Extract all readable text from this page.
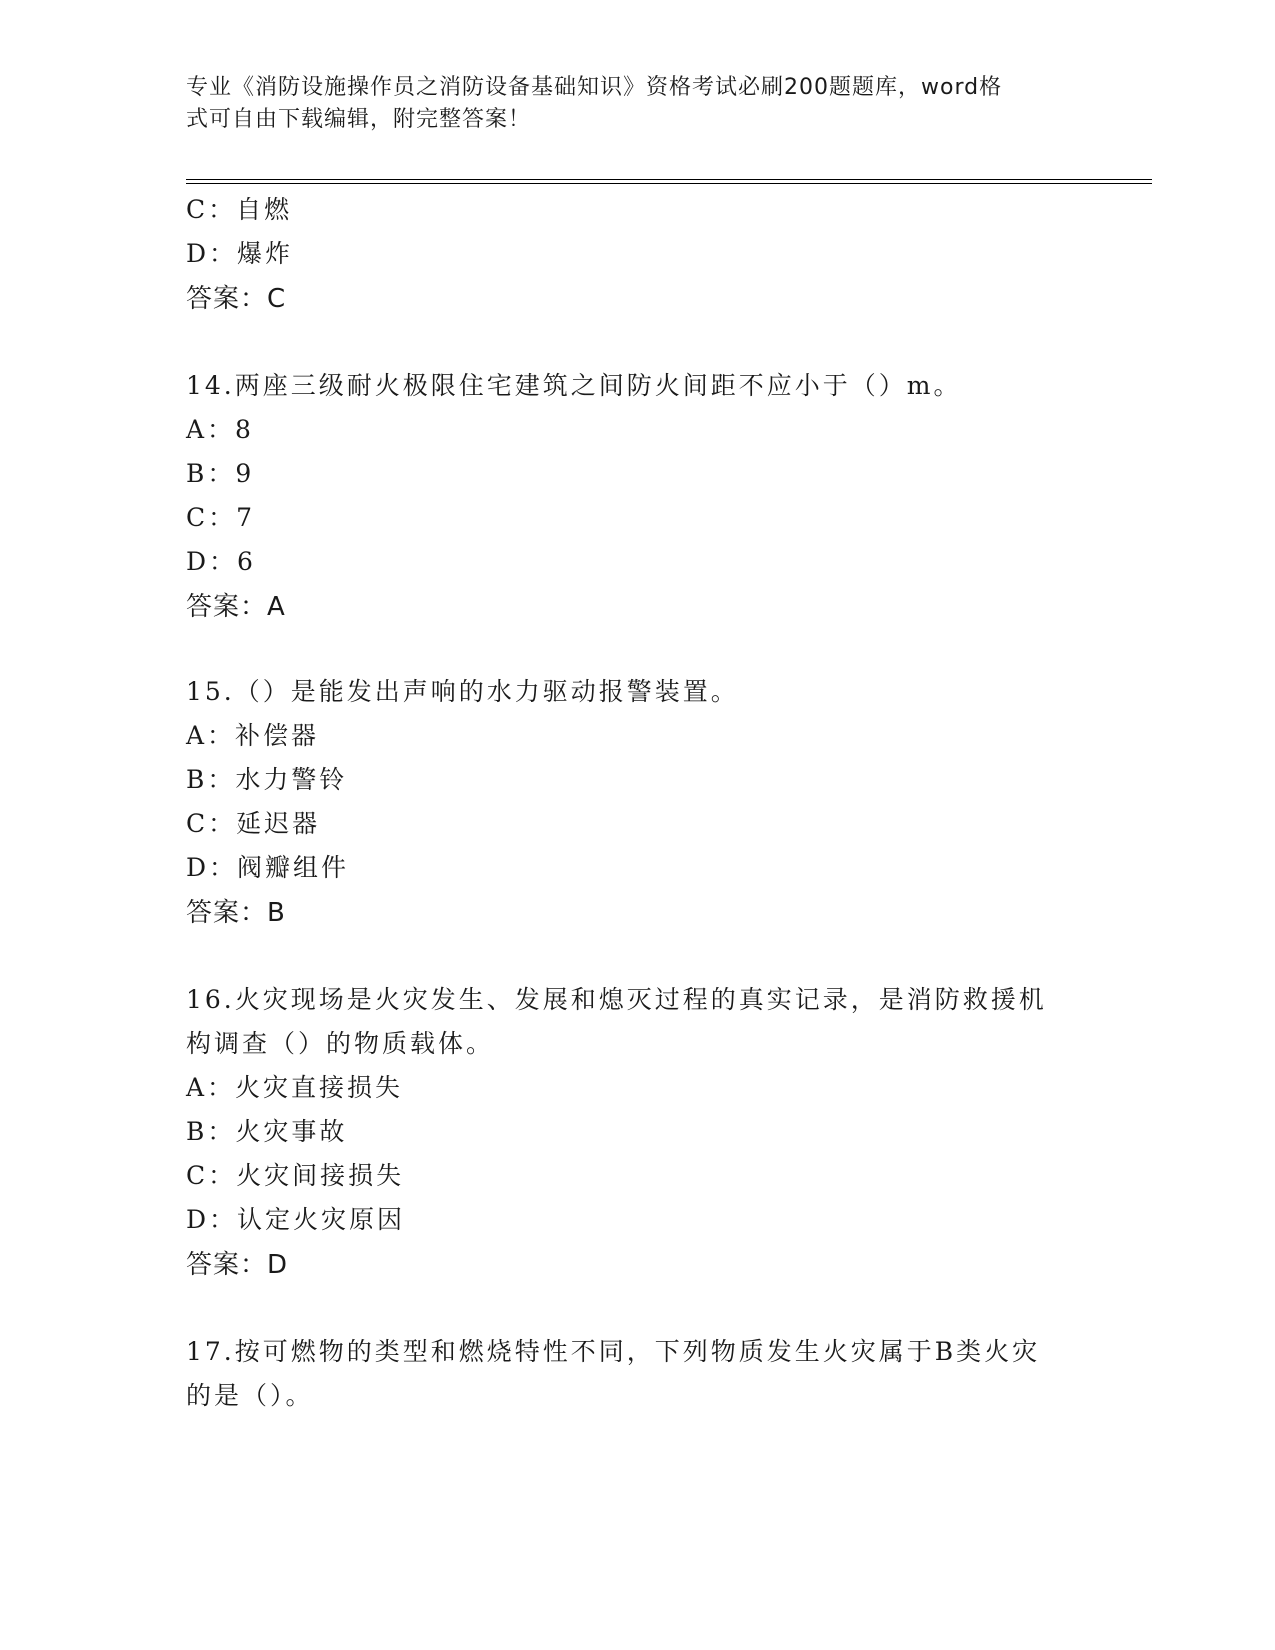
专业《消防设施操作员之消防设备基础知识》资格考试必刷200题题库，word格
式可自由下载编辑，附完整答案！
C：自燃
D：爆炸
答案：C
14.两座三级耐火极限住宅建筑之间防火间距不应小于（）m。
A：8
B：9
C：7
D：6
答案：A
15.（）是能发出声响的水力驱动报警装置。
A：补偿器
B：水力警铃
C：延迟器
D：阀瓣组件
答案：B
16.火灾现场是火灾发生、发展和熄灭过程的真实记录，是消防救援机
构调查（）的物质载体。
A：火灾直接损失
B：火灾事故
C：火灾间接损失
D：认定火灾原因
答案：D
17.按可燃物的类型和燃烧特性不同，下列物质发生火灾属于B类火灾
的是（）。
